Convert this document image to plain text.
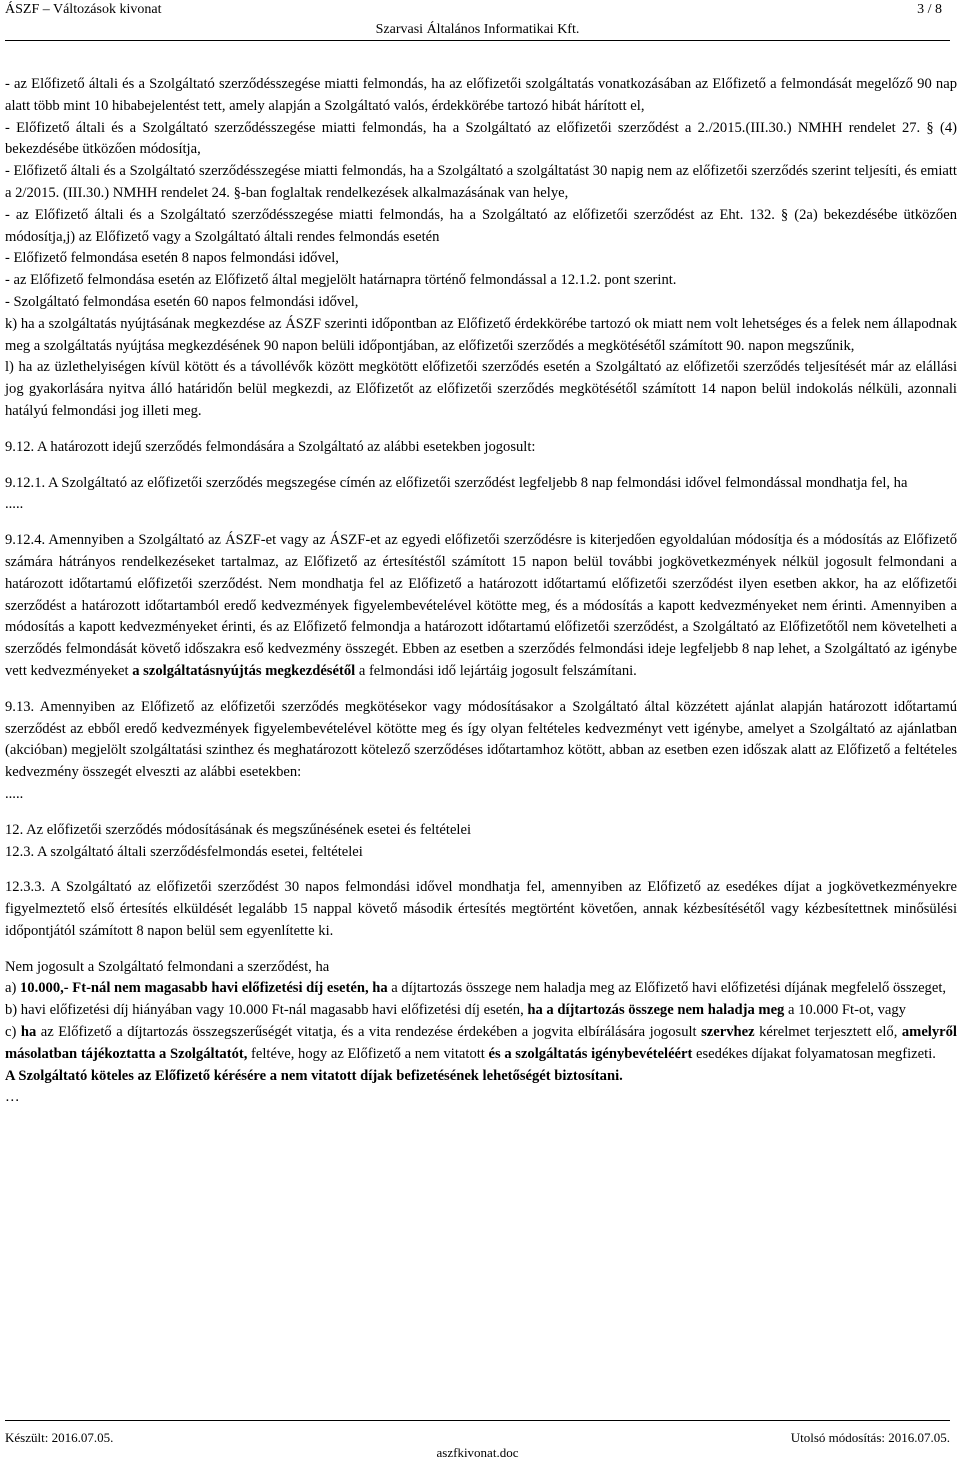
ÁSZF – Változások kivonat
Szarvasi Általános Informatikai Kft.
3 / 8

- az Előfizető általi és a Szolgáltató szerződésszegése miatti felmondás, ha az előfizetői szolgáltatás vonatkozásában az Előfizető a felmondását megelőző 90 nap alatt több mint 10 hibabejelentést tett, amely alapján a Szolgáltató valós, érdekkörébe tartozó hibát hárított el,

- Előfizető általi és a Szolgáltató szerződésszegése miatti felmondás, ha a Szolgáltató az előfizetői szerződést a 2./2015.(III.30.) NMHH rendelet 27. § (4) bekezdésébe ütközően módosítja,

- Előfizető általi és a Szolgáltató szerződésszegése miatti felmondás, ha a Szolgáltató a szolgáltatást 30 napig nem az előfizetői szerződés szerint teljesíti, és emiatt a 2/2015. (III.30.) NMHH rendelet 24. §-ban foglaltak rendelkezések alkalmazásának van helye,

- az Előfizető általi és a Szolgáltató szerződésszegése miatti felmondás, ha a Szolgáltató az előfizetői szerződést az Eht. 132. § (2a) bekezdésébe ütközően módosítja,j) az Előfizető vagy a Szolgáltató általi rendes felmondás esetén

- Előfizető felmondása esetén 8 napos felmondási idővel,

- az Előfizető felmondása esetén az Előfizető által megjelölt határnapra történő felmondással a 12.1.2. pont szerint.

- Szolgáltató felmondása esetén 60 napos felmondási idővel,

k) ha a szolgáltatás nyújtásának megkezdése az ÁSZF szerinti időpontban az Előfizető érdekkörébe tartozó ok miatt nem volt lehetséges és a felek nem állapodnak meg a szolgáltatás nyújtása megkezdésének 90 napon belüli időpontjában, az előfizetői szerződés a megkötésétől számított 90. napon megszűnik,

l) ha az üzlethelyiségen kívül kötött és a távollévők között megkötött előfizetői szerződés esetén a Szolgáltató az előfizetői szerződés teljesítését már az elállási jog gyakorlására nyitva álló határidőn belül megkezdi, az Előfizetőt az előfizetői szerződés megkötésétől számított 14 napon belül indokolás nélküli, azonnali hatályú felmondási jog illeti meg.

9.12. A határozott idejű szerződés felmondására a Szolgáltató az alábbi esetekben jogosult:

9.12.1. A Szolgáltató az előfizetői szerződés megszegése címén az előfizetői szerződést legfeljebb 8 nap felmondási idővel felmondással mondhatja fel, ha

.....

9.12.4. Amennyiben a Szolgáltató az ÁSZF-et vagy az ÁSZF-et az egyedi előfizetői szerződésre is kiterjedően egyoldalúan módosítja és a módosítás az Előfizető számára hátrányos rendelkezéseket tartalmaz, az Előfizető az értesítéstől számított 15 napon belül további jogkövetkezmények nélkül jogosult felmondani a határozott időtartamú előfizetői szerződést. Nem mondhatja fel az Előfizető a határozott időtartamú előfizetői szerződést ilyen esetben akkor, ha az előfizetői szerződést a határozott időtartamból eredő kedvezmények figyelembevételével kötötte meg, és a módosítás a kapott kedvezményeket nem érinti. Amennyiben a módosítás a kapott kedvezményeket érinti, és az Előfizető felmondja a határozott időtartamú előfizetői szerződést, a Szolgáltató az Előfizetőtől nem követelheti a szerződés felmondását követő időszakra eső kedvezmény összegét. Ebben az esetben a szerződés felmondási ideje legfeljebb 8 nap lehet, a Szolgáltató az igénybe vett kedvezményeket a szolgáltatásnyújtás megkezdésétől a felmondási idő lejártáig jogosult felszámítani.

9.13. Amennyiben az Előfizető az előfizetői szerződés megkötésekor vagy módosításakor a Szolgáltató által közzétett ajánlat alapján határozott időtartamú szerződést az ebből eredő kedvezmények figyelembevételével kötötte meg és így olyan feltételes kedvezményt vett igénybe, amelyet a Szolgáltató az ajánlatban (akcióban) megjelölt szolgáltatási szinthez és meghatározott kötelező szerződéses időtartamhoz kötött, abban az esetben ezen időszak alatt az Előfizető a feltételes kedvezmény összegét elveszti az alábbi esetekben:

.....

12. Az előfizetői szerződés módosításának és megszűnésének esetei és feltételei

12.3. A szolgáltató általi szerződésfelmondás esetei, feltételei

12.3.3. A Szolgáltató az előfizetői szerződést 30 napos felmondási idővel mondhatja fel, amennyiben az Előfizető az esedékes díjat a jogkövetkezményekre figyelmeztető első értesítés elküldését legalább 15 nappal követő második értesítés megtörtént követően, annak kézbesítésétől vagy kézbesítettnek minősülési időpontjától számított 8 napon belül sem egyenlítette ki.

Nem jogosult a Szolgáltató felmondani a szerződést, ha

a) 10.000,- Ft-nál nem magasabb havi előfizetési díj esetén, ha a díjtartozás összege nem haladja meg az Előfizető havi előfizetési díjának megfelelő összeget,

b) havi előfizetési díj hiányában vagy 10.000 Ft-nál magasabb havi előfizetési díj esetén, ha a díjtartozás összege nem haladja meg a 10.000 Ft-ot, vagy

c) ha az Előfizető a díjtartozás összegszerűségét vitatja, és a vita rendezése érdekében a jogvita elbírálására jogosult szervhez kérelmet terjesztett elő, amelyről másolatban tájékoztatta a Szolgáltatót, feltéve, hogy az Előfizető a nem vitatott és a szolgáltatás igénybevételéért esedékes díjakat folyamatosan megfizeti.

A Szolgáltató köteles az Előfizető kérésére a nem vitatott díjak befizetésének lehetőségét biztosítani.

…

Készült: 2016.07.05.
aszfkivonat.doc
Utolsó módosítás: 2016.07.05.
